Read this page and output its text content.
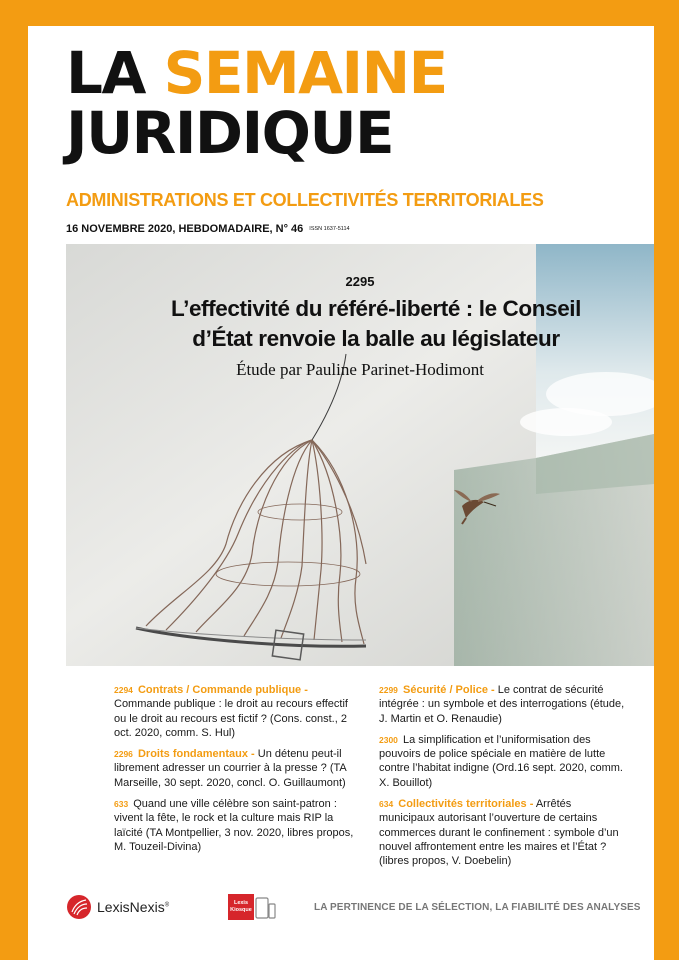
LA SEMAINE
JURIDIQUE
ADMINISTRATIONS ET COLLECTIVITÉS TERRITORIALES
16 NOVEMBRE 2020, HEBDOMADAIRE, N° 46 ISSN 1637-5114
2295
L’effectivité du référé-liberté : le Conseil
d’État renvoie la balle au législateur
Étude par Pauline Parinet-Hodimont
2294 Contrats / Commande publique - Commande publique : le droit au recours effectif ou le droit au recours est fictif ? (Cons. const., 2 oct. 2020, comm. S. Hul)
2296 Droits fondamentaux - Un détenu peut-il librement adresser un courrier à la presse ? (TA Marseille, 30 sept. 2020, concl. O. Guillaumont)
633 Quand une ville célèbre son saint-patron : vivent la fête, le rock et la culture mais RIP la laïcité (TA Montpellier, 3 nov. 2020, libres propos, M. Touzeil-Divina)
2299 Sécurité / Police - Le contrat de sécurité intégrée : un symbole et des interrogations (étude, J. Martin et O. Renaudie)
2300 La simplification et l’uniformisation des pouvoirs de police spéciale en matière de lutte contre l’habitat indigne (Ord.16 sept. 2020, comm. X. Bouillot)
634 Collectivités territoriales - Arrêtés municipaux autorisant l’ouverture de certains commerces durant le confinement : symbole d’un nouvel affrontement entre les maires et l’État ? (libres propos, V. Doebelin)
LexisNexis®	Lexis
Kiosque	LA PERTINENCE DE LA SÉLECTION, LA FIABILITÉ DES ANALYSES
